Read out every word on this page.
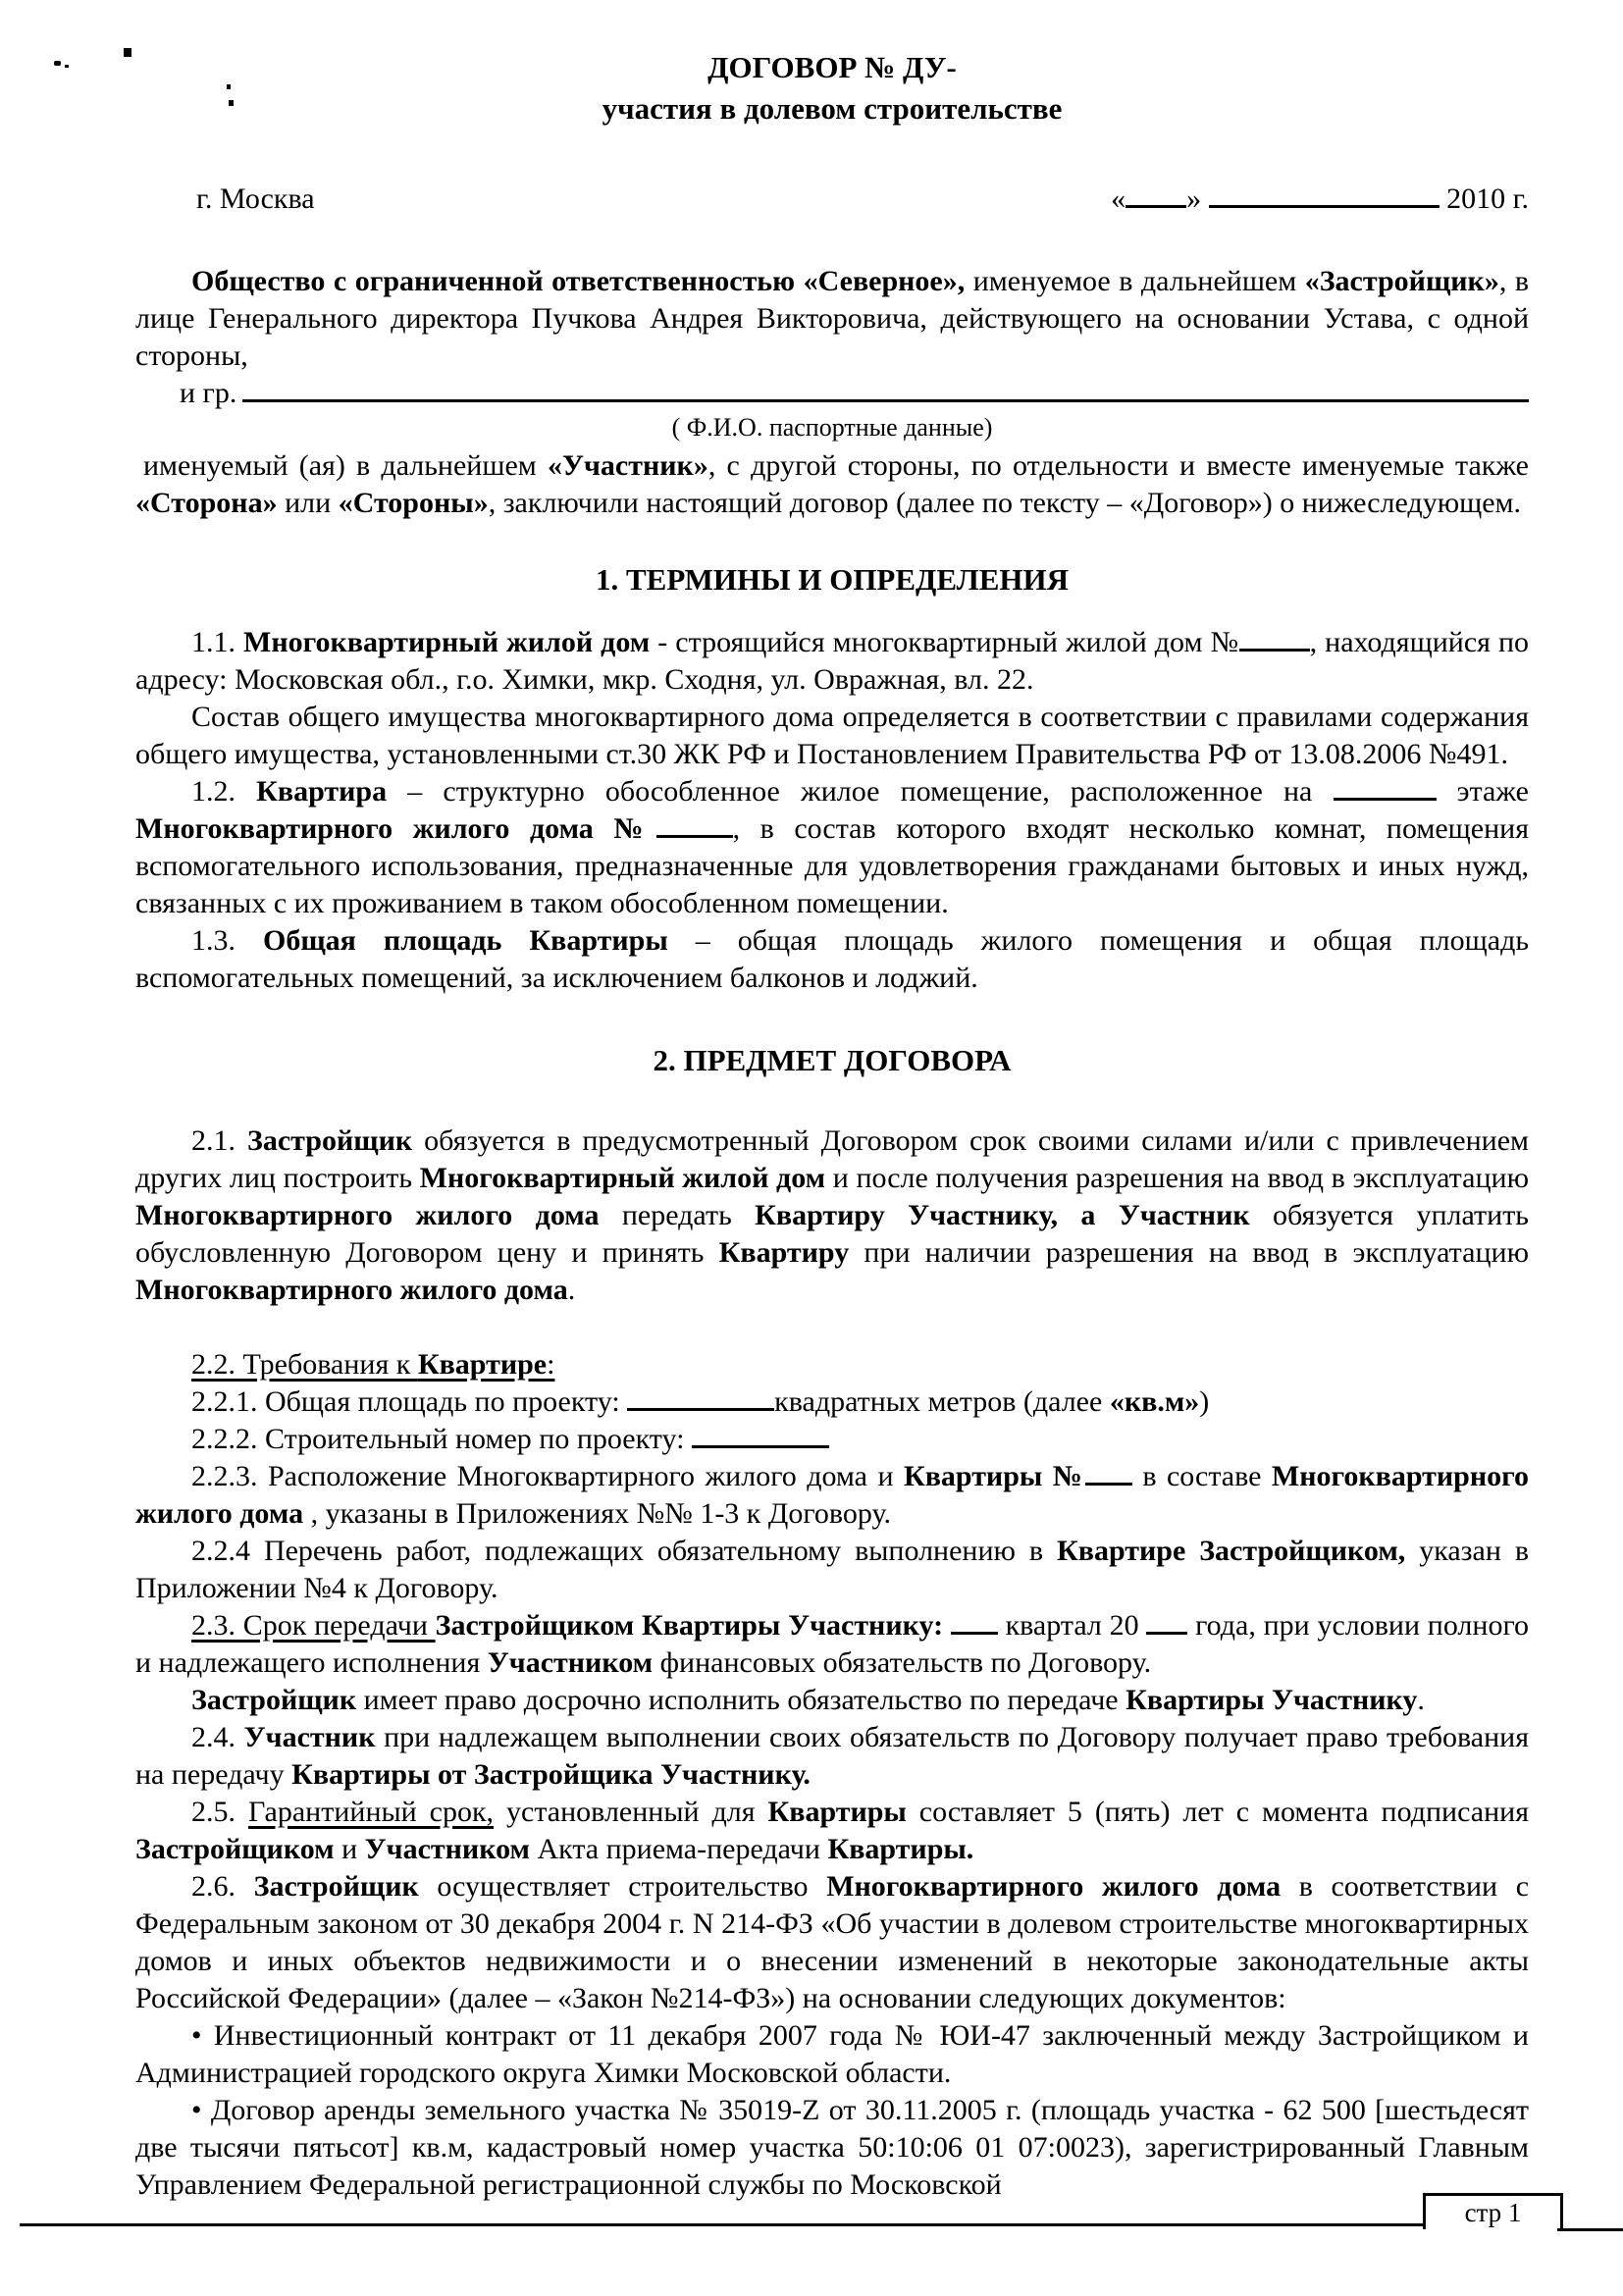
ДОГОВОР № ДУ-
участия в долевом строительстве
г. Москва	« »	2010 г.

Общество с ограниченной ответственностью «Северное», именуемое в дальнейшем «Застройщик», в лице Генерального директора Пучкова Андрея Викторовича, действующего на основании Устава, с одной стороны,

и гр.
( Ф.И.О. паспортные данные)

именуемый (ая) в дальнейшем «Участник», с другой стороны, по отдельности и вместе именуемые также «Сторона» или «Стороны», заключили настоящий договор (далее по тексту – «Договор») о нижеследующем.

1. ТЕРМИНЫ И ОПРЕДЕЛЕНИЯ

1.1. Многоквартирный жилой дом - строящийся многоквартирный жилой дом № , находящийся по адресу: Московская обл., г.о. Химки, мкр. Сходня, ул. Овражная, вл. 22.

Состав общего имущества многоквартирного дома определяется в соответствии с правилами содержания общего имущества, установленными ст.30 ЖК РФ и Постановлением Правительства РФ от 13.08.2006 №491.

1.2. Квартира – структурно обособленное жилое помещение, расположенное на	этаже Многоквартирного жилого дома №	, в состав которого входят несколько комнат, помещения вспомогательного использования, предназначенные для удовлетворения гражданами бытовых и иных нужд, связанных с их проживанием в таком обособленном помещении.

1.3. Общая площадь Квартиры – общая площадь жилого помещения и общая площадь вспомогательных помещений, за исключением балконов и лоджий.

2. ПРЕДМЕТ ДОГОВОРА

2.1. Застройщик обязуется в предусмотренный Договором срок своими силами и/или с привлечением других лиц построить Многоквартирный жилой дом и после получения разрешения на ввод в эксплуатацию Многоквартирного жилого дома передать Квартиру Участнику, а Участник обязуется уплатить обусловленную Договором цену и принять Квартиру при наличии разрешения на ввод в эксплуатацию Многоквартирного жилого дома.

2.2. Требования к Квартире:

2.2.1. Общая площадь по проекту:	квадратных метров (далее «кв.м»)

2.2.2. Строительный номер по проекту:

2.2.3. Расположение Многоквартирного жилого дома и Квартиры № в составе Многоквартирного жилого дома , указаны в Приложениях №№ 1-3 к Договору.

2.2.4 Перечень работ, подлежащих обязательному выполнению в Квартире Застройщиком, указан в Приложении №4 к Договору.

2.3. Срок передачи Застройщиком Квартиры Участнику:  квартал 20  года, при условии полного и надлежащего исполнения Участником финансовых обязательств по Договору.

Застройщик имеет право досрочно исполнить обязательство по передаче Квартиры Участнику.

2.4. Участник при надлежащем выполнении своих обязательств по Договору получает право требования на передачу Квартиры от Застройщика Участнику.

2.5. Гарантийный срок, установленный для Квартиры составляет 5 (пять) лет с момента подписания Застройщиком и Участником Акта приема-передачи Квартиры.

2.6. Застройщик осуществляет строительство Многоквартирного жилого дома в соответствии с Федеральным законом от 30 декабря 2004 г. N 214-ФЗ «Об участии в долевом строительстве многоквартирных домов и иных объектов недвижимости и о внесении изменений в некоторые законодательные акты Российской Федерации» (далее – «Закон №214-ФЗ») на основании следующих документов:

• Инвестиционный контракт от 11 декабря 2007 года № ЮИ-47 заключенный между Застройщиком и Администрацией городского округа Химки Московской области.

• Договор аренды земельного участка № 35019-Z от 30.11.2005 г. (площадь участка - 62 500 [шестьдесят две тысячи пятьсот] кв.м, кадастровый номер участка 50:10:06 01 07:0023), зарегистрированный Главным Управлением Федеральной регистрационной службы по Московской

стр 1
